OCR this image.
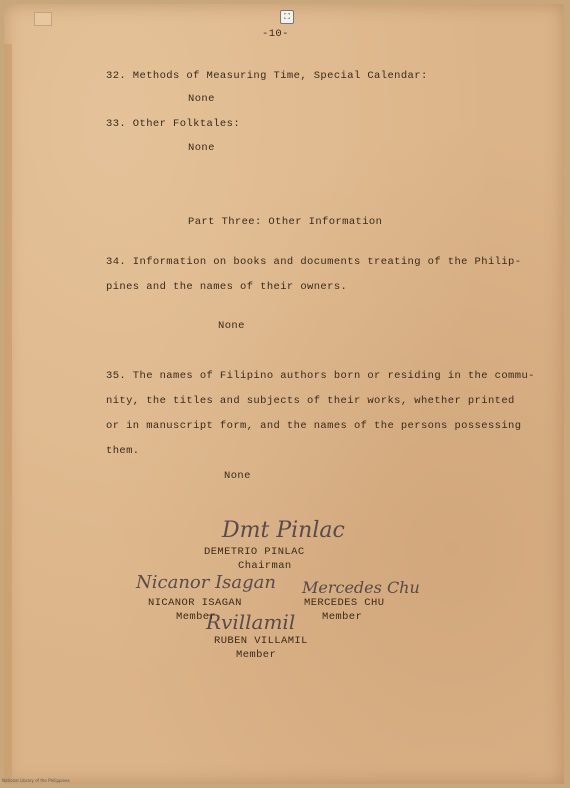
⛶
-10-
32. Methods of Measuring Time, Special Calendar:
None
33. Other Folktales:
None
Part Three: Other Information
34. Information on books and documents treating of the Philip-
pines and the names of their owners.
None
35. The names of Filipino authors born or residing in the commu-
nity, the titles and subjects of their works, whether printed
or in manuscript form, and the names of the persons possessing
them.
None
Dmt Pinlac
DEMETRIO PINLAC
Chairman
Nicanor Isagan
NICANOR ISAGAN
Member
Mercedes Chu
MERCEDES CHU
Member
Rvillamil
RUBEN VILLAMIL
Member
National Library of the Philippines
